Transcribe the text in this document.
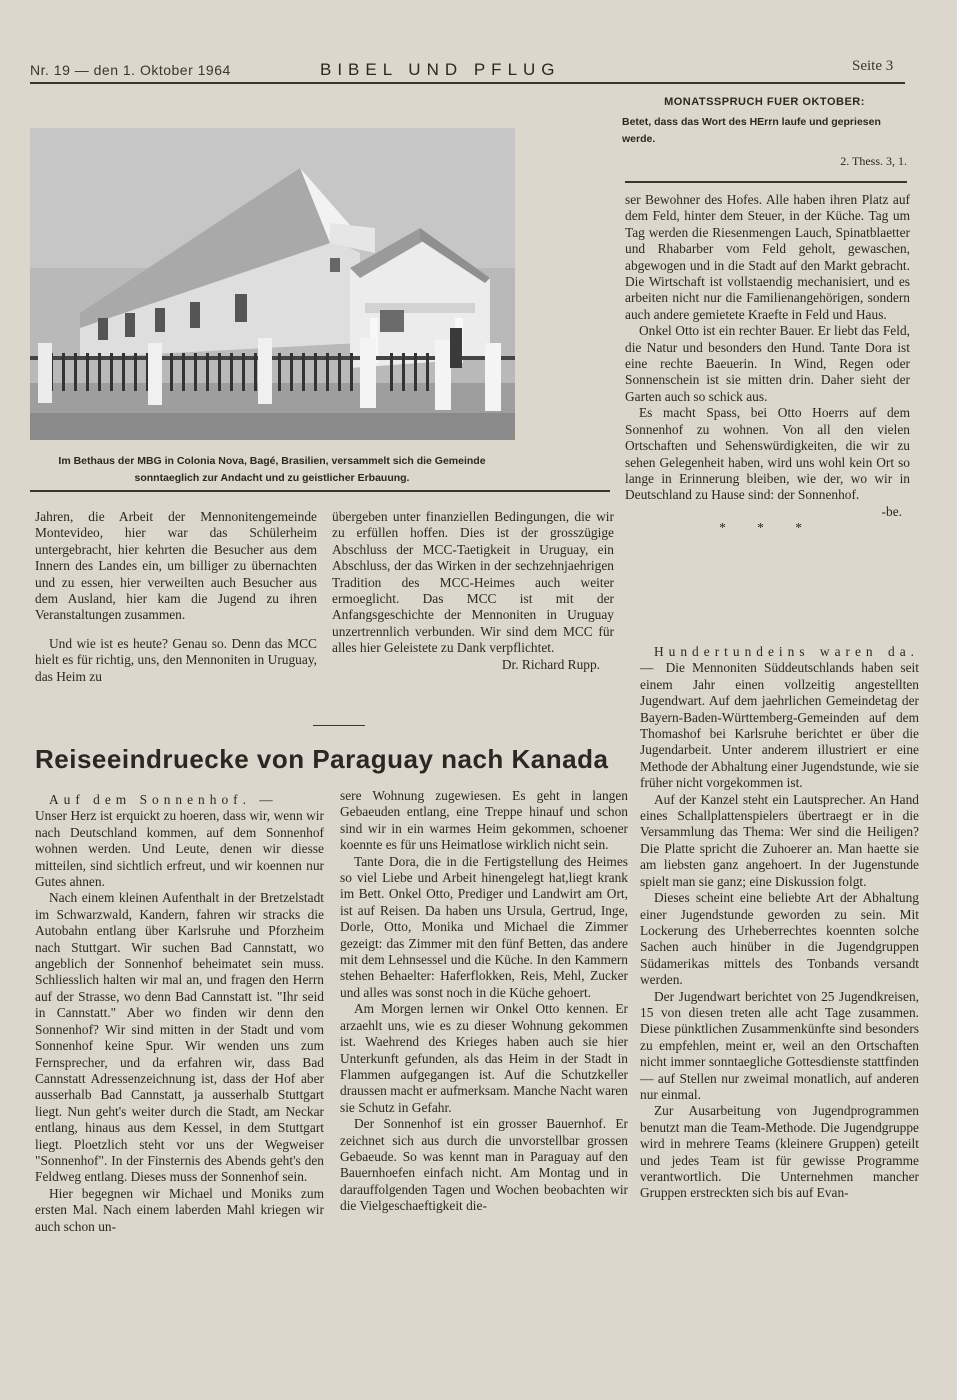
Nr. 19 — den 1. Oktober 1964	BIBEL UND PFLUG	Seite 3
MONATSSPRUCH FUER OKTOBER:
Betet, dass das Wort des HErrn laufe und gepriesen werde.
2. Thess. 3, 1.
Im Bethaus der MBG in Colonia Nova, Bagé, Brasilien, versammelt sich die Gemeinde sonntaeglich zur Andacht und zu geistlicher Erbauung.

Jahren, die Arbeit der Mennonitengemeinde Montevideo, hier war das Schülerheim untergebracht, hier kehrten die Besucher aus dem Innern des Landes ein, um billiger zu übernachten und zu essen, hier verweilten auch Besucher aus dem Ausland, hier kam die Jugend zu ihren Veranstaltungen zusammen.

Und wie ist es heute? Genau so. Denn das MCC hielt es für richtig, uns, den Mennoniten in Uruguay, das Heim zu

übergeben unter finanziellen Bedingungen, die wir zu erfüllen hoffen. Dies ist der grosszügige Abschluss der MCC-Taetigkeit in Uruguay, ein Abschluss, der das Wirken in der sechzehnjaehrigen Tradition des MCC-Heimes auch weiter ermoeglicht. Das MCC ist mit der Anfangsgeschichte der Mennoniten in Uruguay unzertrennlich verbunden. Wir sind dem MCC für alles hier Geleistete zu Dank verpflichtet.

Dr. Richard Rupp.

ser Bewohner des Hofes. Alle haben ihren Platz auf dem Feld, hinter dem Steuer, in der Küche. Tag um Tag werden die Riesenmengen Lauch, Spinatblaetter und Rhabarber vom Feld geholt, gewaschen, abgewogen und in die Stadt auf den Markt gebracht. Die Wirtschaft ist vollstaendig mechanisiert, und es arbeiten nicht nur die Familienangehörigen, sondern auch andere gemietete Kraefte in Feld und Haus.

Onkel Otto ist ein rechter Bauer. Er liebt das Feld, die Natur und besonders den Hund. Tante Dora ist eine rechte Baeuerin. In Wind, Regen oder Sonnenschein ist sie mitten drin. Daher sieht der Garten auch so schick aus.

Es macht Spass, bei Otto Hoerrs auf dem Sonnenhof zu wohnen. Von all den vielen Ortschaften und Sehenswürdigkeiten, die wir zu sehen Gelegenheit haben, wird uns wohl kein Ort so lange in Erinnerung bleiben, wie der, wo wir in Deutschland zu Hause sind: der Sonnenhof.

-be.

* * *

Reiseeindruecke von Paraguay nach Kanada

Auf dem Sonnenhof. —

Unser Herz ist erquickt zu hoeren, dass wir, wenn wir nach Deutschland kommen, auf dem Sonnenhof wohnen werden. Und Leute, denen wir diesse mitteilen, sind sichtlich erfreut, und wir koennen nur Gutes ahnen.

Nach einem kleinen Aufenthalt in der Bretzelstadt im Schwarzwald, Kandern, fahren wir stracks die Autobahn entlang über Karlsruhe und Pforzheim nach Stuttgart. Wir suchen Bad Cannstatt, wo angeblich der Sonnenhof beheimatet sein muss. Schliesslich halten wir mal an, und fragen den Herrn auf der Strasse, wo denn Bad Cannstatt ist. "Ihr seid in Cannstatt." Aber wo finden wir denn den Sonnenhof? Wir sind mitten in der Stadt und vom Sonnenhof keine Spur. Wir wenden uns zum Fernsprecher, und da erfahren wir, dass Bad Cannstatt Adressenzeichnung ist, dass der Hof aber ausserhalb Bad Cannstatt, ja ausserhalb Stuttgart liegt. Nun geht's weiter durch die Stadt, am Neckar entlang, hinaus aus dem Kessel, in dem Stuttgart liegt. Ploetzlich steht vor uns der Wegweiser "Sonnenhof". In der Finsternis des Abends geht's den Feldweg entlang. Dieses muss der Sonnenhof sein.

Hier begegnen wir Michael und Moniks zum ersten Mal. Nach einem laberden Mahl kriegen wir auch schon un-

sere Wohnung zugewiesen. Es geht in langen Gebaeuden entlang, eine Treppe hinauf und schon sind wir in ein warmes Heim gekommen, schoener koennte es für uns Heimatlose wirklich nicht sein.

Tante Dora, die in die Fertigstellung des Heimes so viel Liebe und Arbeit hinengelegt hat,liegt krank im Bett. Onkel Otto, Prediger und Landwirt am Ort, ist auf Reisen. Da haben uns Ursula, Gertrud, Inge, Dorle, Otto, Monika und Michael die Zimmer gezeigt: das Zimmer mit den fünf Betten, das andere mit dem Lehnsessel und die Küche. In den Kammern stehen Behaelter: Haferflokken, Reis, Mehl, Zucker und alles was sonst noch in die Küche gehoert.

Am Morgen lernen wir Onkel Otto kennen. Er arzaehlt uns, wie es zu dieser Wohnung gekommen ist. Waehrend des Krieges haben auch sie hier Unterkunft gefunden, als das Heim in der Stadt in Flammen aufgegangen ist. Auf die Schutzkeller draussen macht er aufmerksam. Manche Nacht waren sie Schutz in Gefahr.

Der Sonnenhof ist ein grosser Bauernhof. Er zeichnet sich aus durch die unvorstellbar grossen Gebaeude. So was kennt man in Paraguay auf den Bauernhoefen einfach nicht. Am Montag und in darauffolgenden Tagen und Wochen beobachten wir die Vielgeschaeftigkeit die-

Hundertundeins waren da. — Die Mennoniten Süddeutschlands haben seit einem Jahr einen vollzeitig angestellten Jugendwart. Auf dem jaehrlichen Gemeindetag der Bayern-Baden-Württemberg-Gemeinden auf dem Thomashof bei Karlsruhe berichtet er über die Jugendarbeit. Unter anderem illustriert er eine Methode der Abhaltung einer Jugendstunde, wie sie früher nicht vorgekommen ist.

Auf der Kanzel steht ein Lautsprecher. An Hand eines Schallplattenspielers übertraegt er in die Versammlung das Thema: Wer sind die Heiligen? Die Platte spricht die Zuhoerer an. Man haette sie am liebsten ganz angehoert. In der Jugenstunde spielt man sie ganz; eine Diskussion folgt.

Dieses scheint eine beliebte Art der Abhaltung einer Jugendstunde geworden zu sein. Mit Lockerung des Urheberrechtes koennten solche Sachen auch hinüber in die Jugendgruppen Südamerikas mittels des Tonbands versandt werden.

Der Jugendwart berichtet von 25 Jugendkreisen, 15 von diesen treten alle acht Tage zusammen. Diese pünktlichen Zusammenkünfte sind besonders zu empfehlen, meint er, weil an den Ortschaften nicht immer sonntaegliche Gottesdienste stattfinden — auf Stellen nur zweimal monatlich, auf anderen nur einmal.

Zur Ausarbeitung von Jugendprogrammen benutzt man die Team-Methode. Die Jugendgruppe wird in mehrere Teams (kleinere Gruppen) geteilt und jedes Team ist für gewisse Programme verantwortlich. Die Unternehmen mancher Gruppen erstreckten sich bis auf Evan-
